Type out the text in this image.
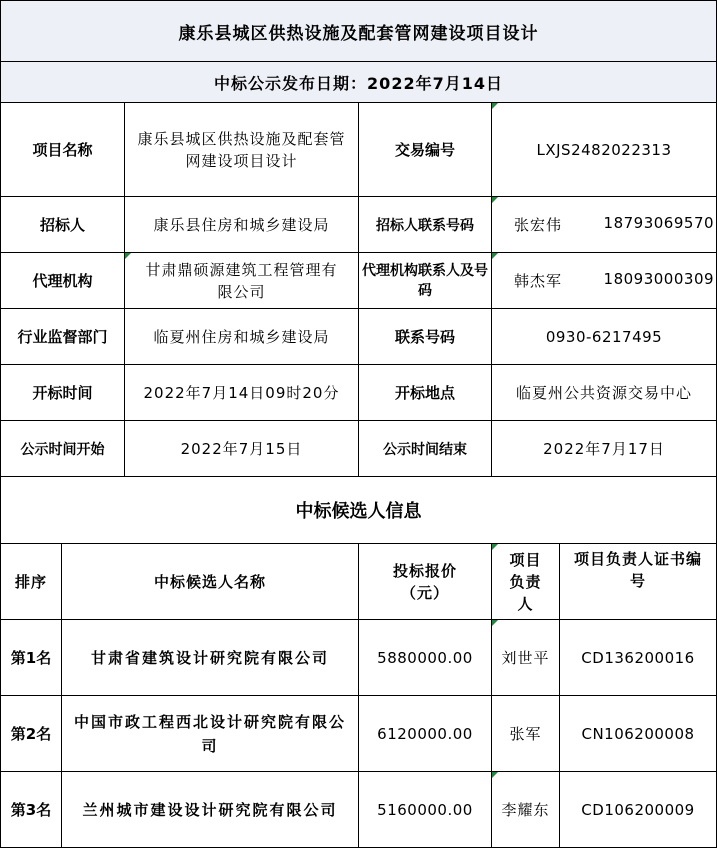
康乐县城区供热设施及配套管网建设项目设计					
中标公示发布日期：2022年7月14日					
项目名称		康乐县城区供热设施及配套管网建设项目设计	交易编号	LXJS2482022313	
招标人		康乐县住房和城乡建设局	招标人联系号码	张宏伟 18793069570	

代理机构		甘肃鼎硕源建筑工程管理有限公司	代理机构联系人及号码	韩杰军 18093000309	

行业监督部门		临夏州住房和城乡建设局	联系号码	0930-6217495	
开标时间		2022年7月14日09时20分	开标地点	临夏州公共资源交易中心	
公示时间开始		2022年7月15日	公示时间结束	2022年7月17日	
中标候选人信息					
排序	中标候选人名称		投标报价（元）	项目负责人	项目负责人证书编号
第1名	甘肃省建筑设计研究院有限公司		5880000.00	刘世平	CD136200016
第2名	中国市政工程西北设计研究院有限公司		6120000.00	张军	CN106200008
第3名	兰州城市建设设计研究院有限公司		5160000.00	李耀东	CD106200009
